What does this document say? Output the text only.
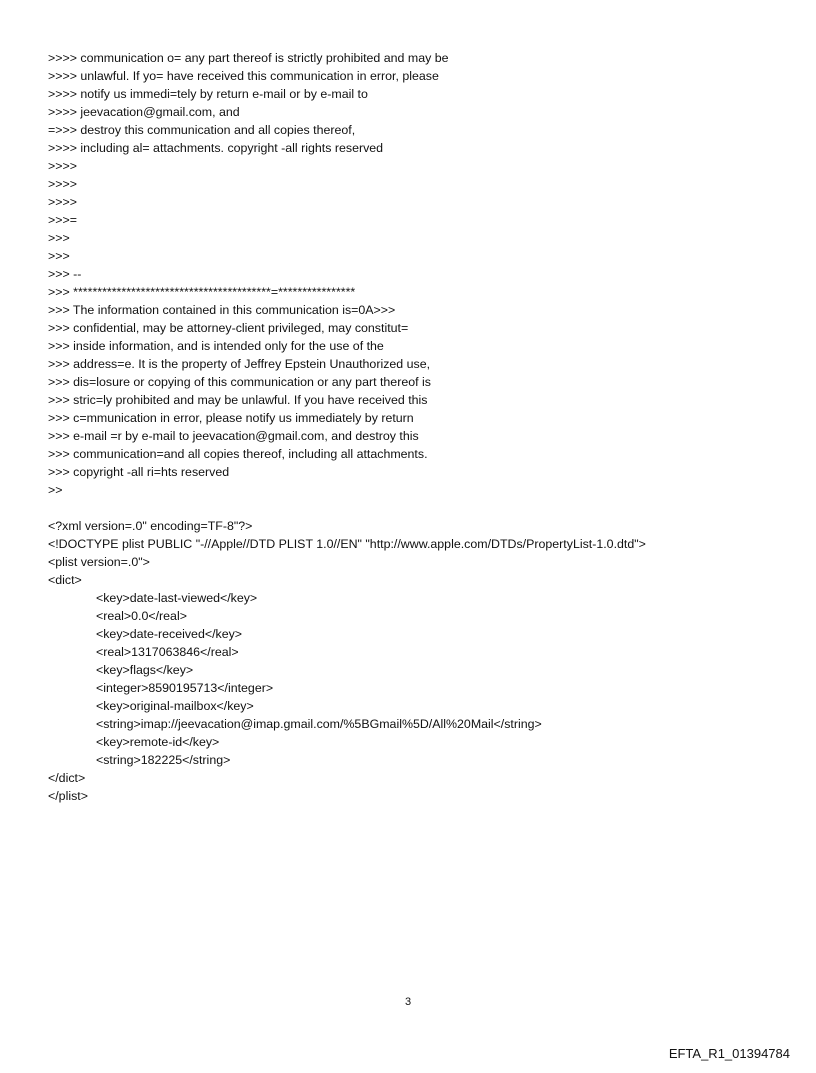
>>>> communication o= any part thereof is strictly prohibited and may be
>>>> unlawful. If yo= have received this communication in error, please
>>>> notify us immedi=tely by return e-mail or by e-mail to
>>>> jeevacation@gmail.com, and
=>>> destroy this communication and all copies thereof,
>>>> including al= attachments. copyright -all rights reserved
>>>>
>>>>
>>>>
>>>=
>>>
>>>
>>> --
>>> *****************************************=****************
>>> The information contained in this communication is=0A>>>
>>> confidential, may be attorney-client privileged, may constitut=
>>> inside information, and is intended only for the use of the
>>> address=e. It is the property of Jeffrey Epstein Unauthorized use,
>>> dis=losure or copying of this communication or any part thereof is
>>> stric=ly prohibited and may be unlawful. If you have received this
>>> c=mmunication in error, please notify us immediately by return
>>> e-mail =r by e-mail to jeevacation@gmail.com, and destroy this
>>> communication=and all copies thereof, including all attachments.
>>> copyright -all ri=hts reserved
>>
<?xml version=.0" encoding=TF-8"?>
<!DOCTYPE plist PUBLIC "-//Apple//DTD PLIST 1.0//EN" "http://www.apple.com/DTDs/PropertyList-1.0.dtd">
<plist version=.0">
<dict>
<key>date-last-viewed</key>
<real>0.0</real>
<key>date-received</key>
<real>1317063846</real>
<key>flags</key>
<integer>8590195713</integer>
<key>original-mailbox</key>
<string>imap://jeevacation@imap.gmail.com/%5BGmail%5D/All%20Mail</string>
<key>remote-id</key>
<string>182225</string>
</dict>
</plist>
3
EFTA_R1_01394784
